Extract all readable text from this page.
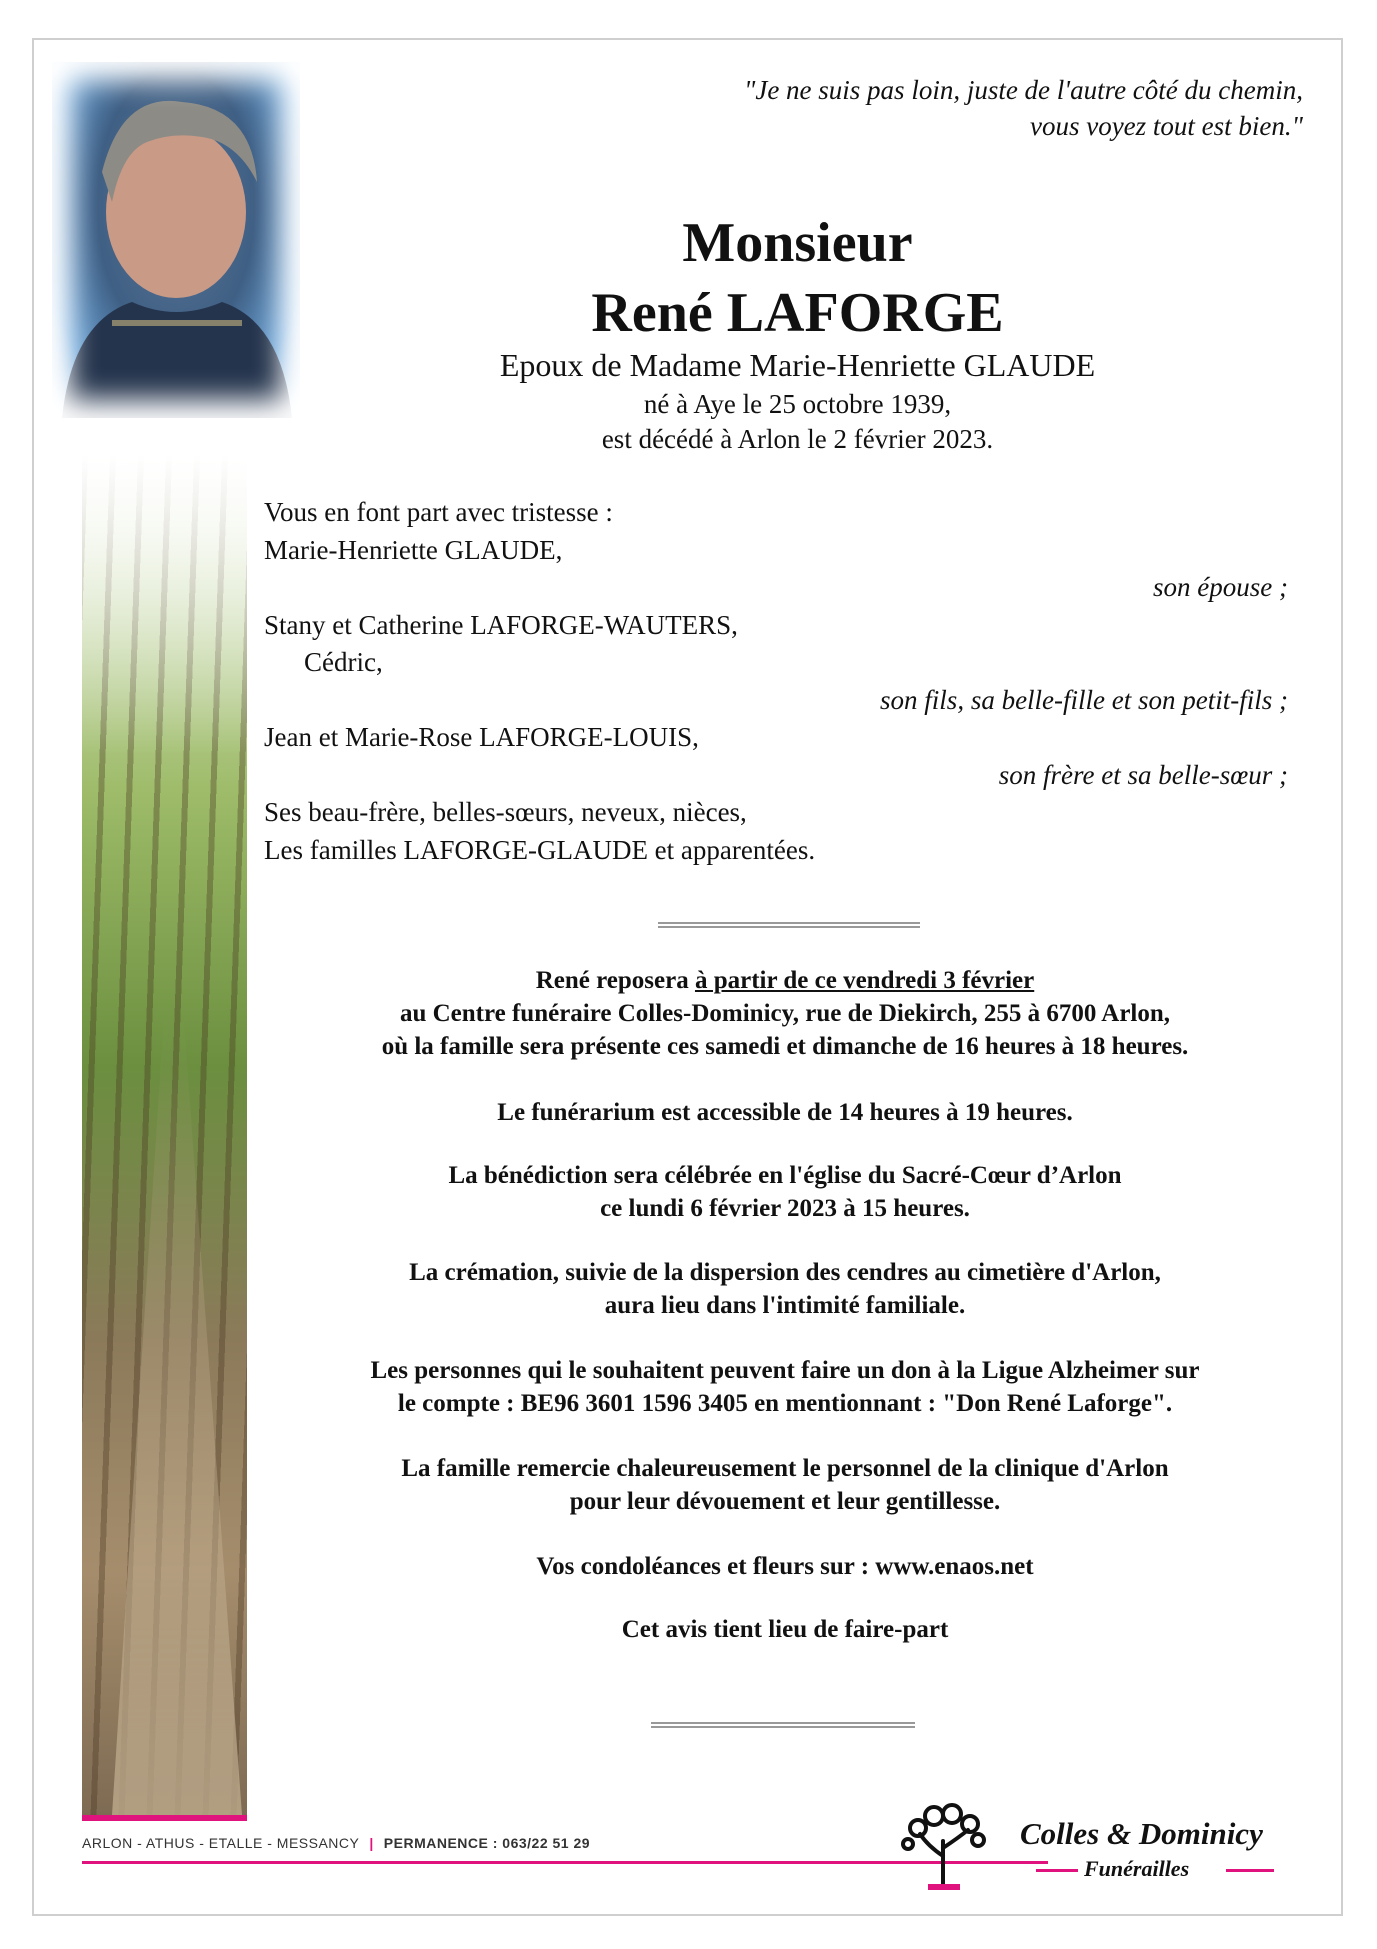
"Je ne suis pas loin, juste de l'autre côté du chemin,
vous voyez tout est bien."
Monsieur
René LAFORGE
Epoux de Madame Marie-Henriette GLAUDE
né à Aye le 25 octobre 1939,
est décédé à Arlon le 2 février 2023.
Vous en font part avec tristesse :
Marie-Henriette GLAUDE,
son épouse ;
Stany et Catherine LAFORGE-WAUTERS,
Cédric,
son fils, sa belle-fille et son petit-fils ;
Jean et Marie-Rose LAFORGE-LOUIS,
son frère et sa belle-sœur ;
Ses beau-frère, belles-sœurs, neveux, nièces,
Les familles LAFORGE-GLAUDE et apparentées.
René reposera à partir de ce vendredi 3 février
au Centre funéraire Colles-Dominicy, rue de Diekirch, 255 à 6700 Arlon,
où la famille sera présente ces samedi et dimanche de 16 heures à 18 heures.
Le funérarium est accessible de 14 heures à 19 heures.
La bénédiction sera célébrée en l'église du Sacré-Cœur d’Arlon
ce lundi 6 février 2023 à 15 heures.
La crémation, suivie de la dispersion des cendres au cimetière d'Arlon,
aura lieu dans l'intimité familiale.
Les personnes qui le souhaitent peuvent faire un don à la Ligue Alzheimer sur
le compte : BE96 3601 1596 3405 en mentionnant : "Don René Laforge".
La famille remercie chaleureusement le personnel de la clinique d'Arlon
pour leur dévouement et leur gentillesse.
Vos condoléances et fleurs sur : www.enaos.net
Cet avis tient lieu de faire-part
ARLON - ATHUS - ETALLE - MESSANCY | PERMANENCE : 063/22 51 29	Colles & Dominicy
Funérailles
